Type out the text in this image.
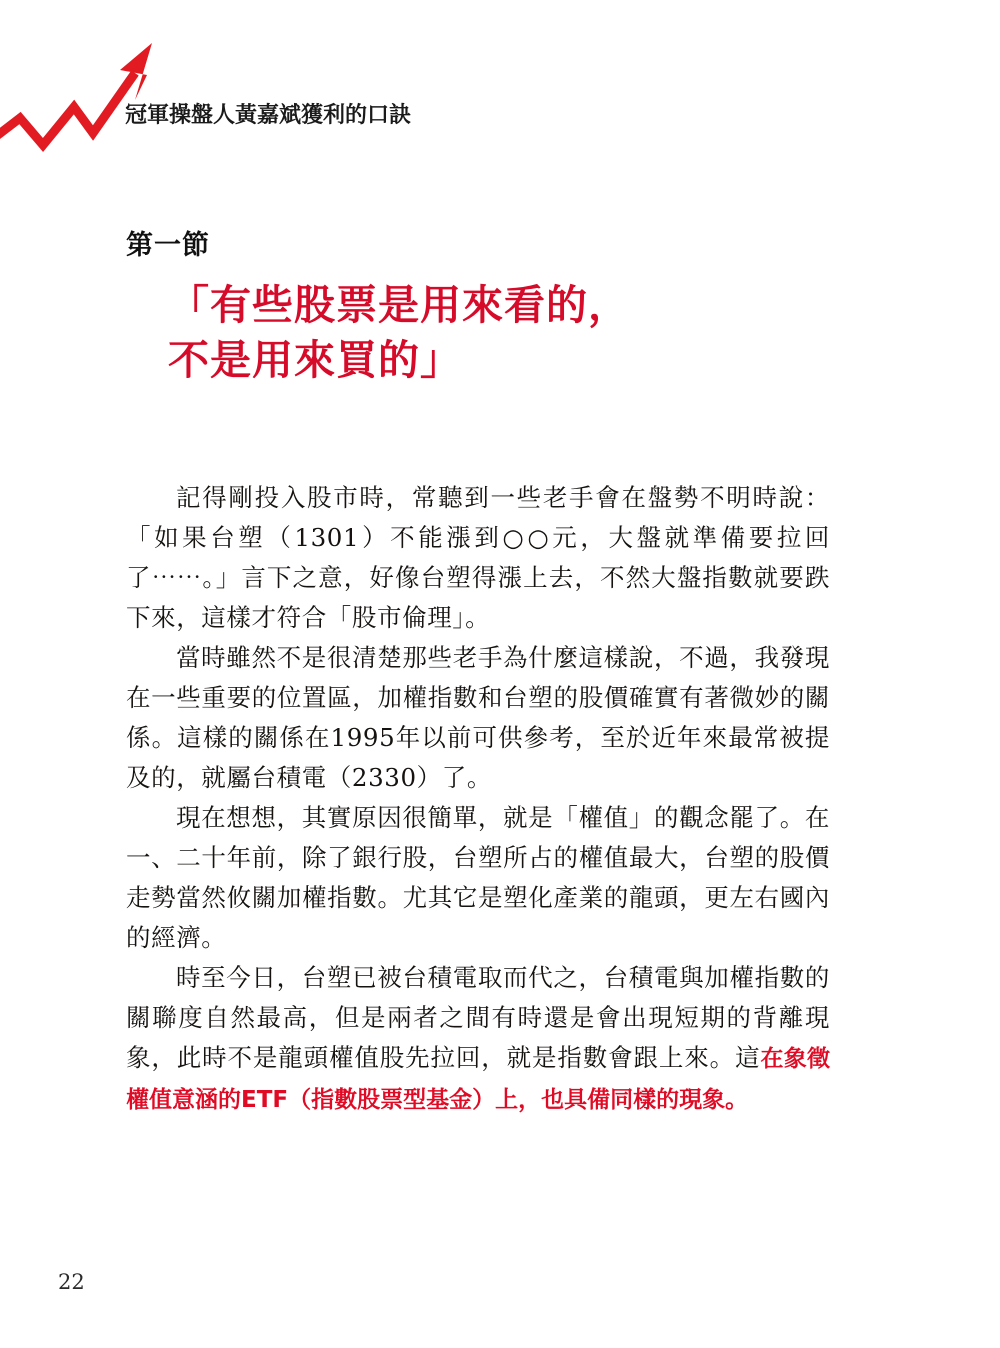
冠軍操盤人黃嘉斌獲利的口訣
第一節
「有些股票是用來看的，
不是用來買的」

記得剛投入股市時，常聽到一些老手會在盤勢不明時說：「如果台塑（1301）不能漲到○○元，大盤就準備要拉回了⋯⋯。」言下之意，好像台塑得漲上去，不然大盤指數就要跌下來，這樣才符合「股市倫理」。

當時雖然不是很清楚那些老手為什麼這樣說，不過，我發現在一些重要的位置區，加權指數和台塑的股價確實有著微妙的關係。這樣的關係在1995年以前可供參考，至於近年來最常被提及的，就屬台積電（2330）了。

現在想想，其實原因很簡單，就是「權值」的觀念罷了。在一、二十年前，除了銀行股，台塑所占的權值最大，台塑的股價走勢當然攸關加權指數。尤其它是塑化產業的龍頭，更左右國內的經濟。

時至今日，台塑已被台積電取而代之，台積電與加權指數的關聯度自然最高，但是兩者之間有時還是會出現短期的背離現象，此時不是龍頭權值股先拉回，就是指數會跟上來。這在象徵權值意涵的ETF（指數股票型基金）上，也具備同樣的現象。

22
